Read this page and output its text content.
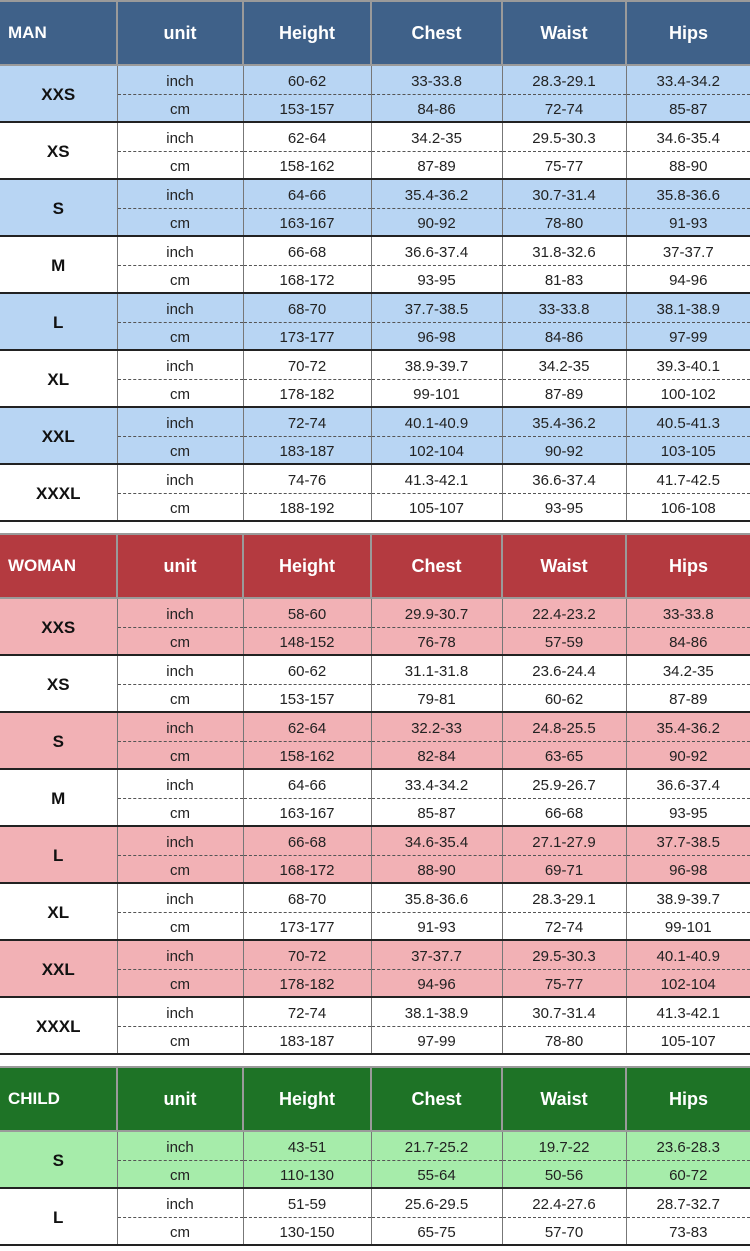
MAN	unit	Height	Chest	Waist	Hips
XXS	inch	60-62	33-33.8	28.3-29.1	33.4-34.2
	cm	153-157	84-86	72-74	85-87
XS	inch	62-64	34.2-35	29.5-30.3	34.6-35.4
	cm	158-162	87-89	75-77	88-90
S	inch	64-66	35.4-36.2	30.7-31.4	35.8-36.6
	cm	163-167	90-92	78-80	91-93
M	inch	66-68	36.6-37.4	31.8-32.6	37-37.7
	cm	168-172	93-95	81-83	94-96
L	inch	68-70	37.7-38.5	33-33.8	38.1-38.9
	cm	173-177	96-98	84-86	97-99
XL	inch	70-72	38.9-39.7	34.2-35	39.3-40.1
	cm	178-182	99-101	87-89	100-102
XXL	inch	72-74	40.1-40.9	35.4-36.2	40.5-41.3
	cm	183-187	102-104	90-92	103-105
XXXL	inch	74-76	41.3-42.1	36.6-37.4	41.7-42.5
	cm	188-192	105-107	93-95	106-108
WOMAN	unit	Height	Chest	Waist	Hips
XXS	inch	58-60	29.9-30.7	22.4-23.2	33-33.8
	cm	148-152	76-78	57-59	84-86
XS	inch	60-62	31.1-31.8	23.6-24.4	34.2-35
	cm	153-157	79-81	60-62	87-89
S	inch	62-64	32.2-33	24.8-25.5	35.4-36.2
	cm	158-162	82-84	63-65	90-92
M	inch	64-66	33.4-34.2	25.9-26.7	36.6-37.4
	cm	163-167	85-87	66-68	93-95
L	inch	66-68	34.6-35.4	27.1-27.9	37.7-38.5
	cm	168-172	88-90	69-71	96-98
XL	inch	68-70	35.8-36.6	28.3-29.1	38.9-39.7
	cm	173-177	91-93	72-74	99-101
XXL	inch	70-72	37-37.7	29.5-30.3	40.1-40.9
	cm	178-182	94-96	75-77	102-104
XXXL	inch	72-74	38.1-38.9	30.7-31.4	41.3-42.1
	cm	183-187	97-99	78-80	105-107
CHILD	unit	Height	Chest	Waist	Hips
S	inch	43-51	21.7-25.2	19.7-22	23.6-28.3
	cm	110-130	55-64	50-56	60-72
L	inch	51-59	25.6-29.5	22.4-27.6	28.7-32.7
	cm	130-150	65-75	57-70	73-83
